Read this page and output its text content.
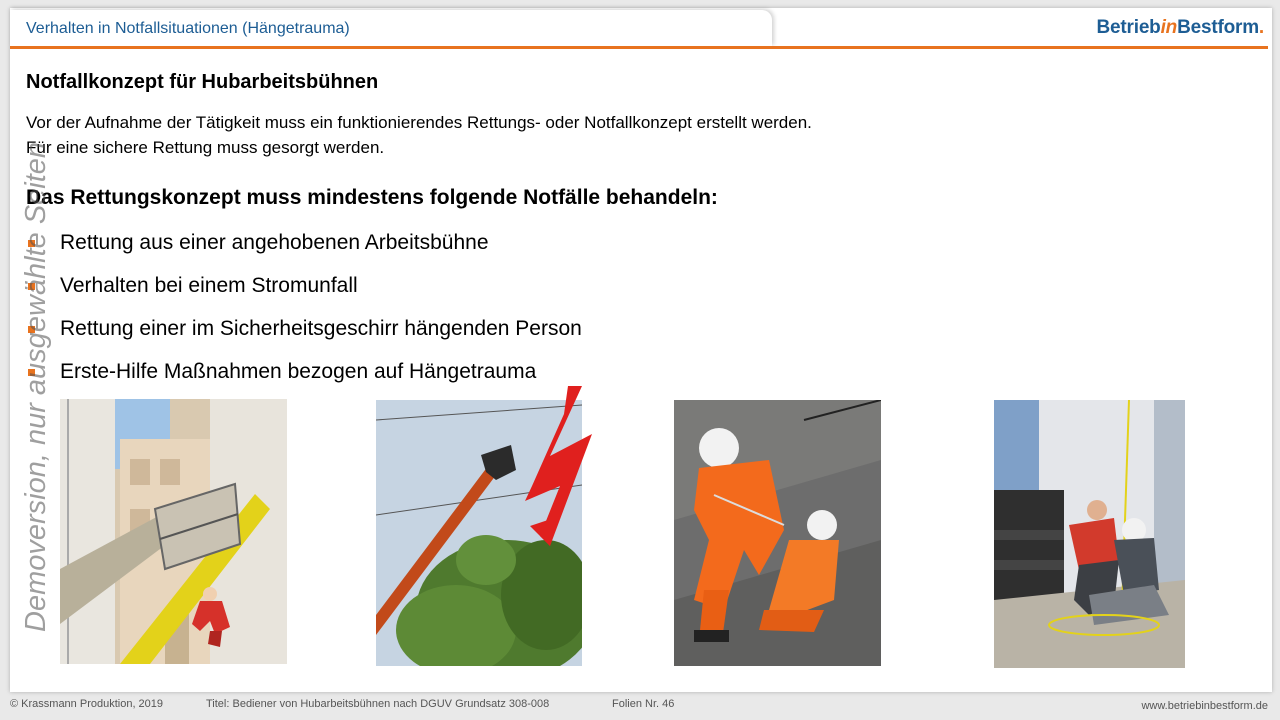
Verhalten in Notfallsituationen (Hängetrauma)	BetriebinBestform.
Notfallkonzept für Hubarbeitsbühnen
Vor der Aufnahme der Tätigkeit muss ein funktionierendes Rettungs- oder Notfallkonzept erstellt werden.
Für eine sichere Rettung muss gesorgt werden.
Das Rettungskonzept muss mindestens folgende Notfälle behandeln:
Rettung aus einer angehobenen Arbeitsbühne
Verhalten bei einem Stromunfall
Rettung einer im Sicherheitsgeschirr hängenden Person
Erste-Hilfe Maßnahmen bezogen auf Hängetrauma
Demoversion, nur ausgewählte Seiten
© Krassmann Produktion, 2019	Titel: Bediener von Hubarbeitsbühnen nach DGUV Grundsatz 308-008	Folien Nr. 46	www.betriebinbestform.de
